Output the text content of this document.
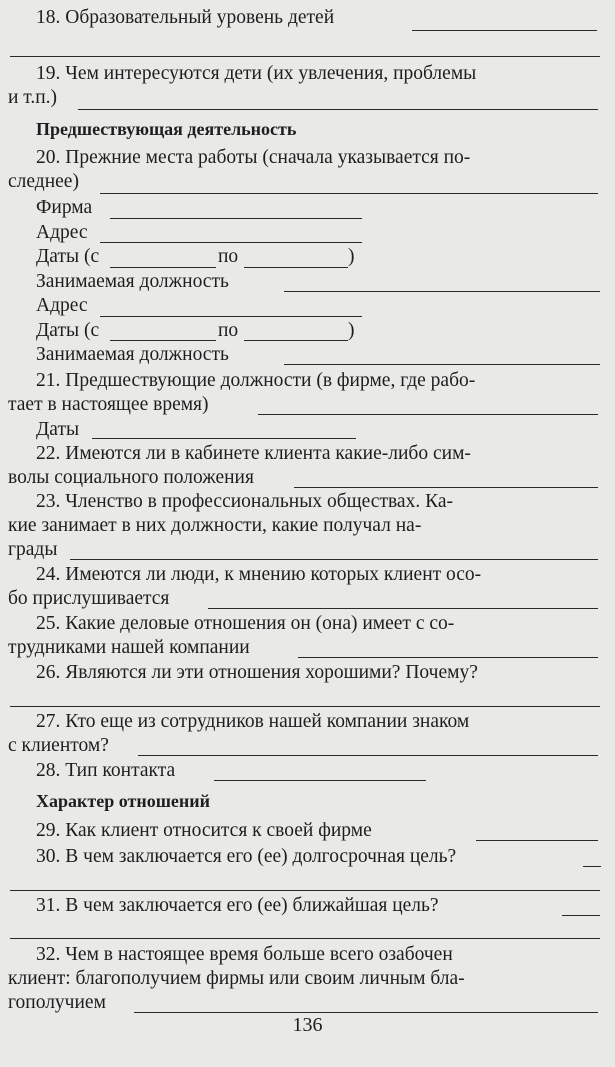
18. Образовательный уровень детей
19. Чем интересуются дети (их увлечения, проблемы
и т.п.)
Предшествующая деятельность
20. Прежние места работы (сначала указывается по-
следнее)
Фирма
Адрес
Даты (с	по	)
Занимаемая должность
Адрес
Даты (с	по	)
Занимаемая должность
21. Предшествующие должности (в фирме, где рабо-
тает в настоящее время)
Даты
22. Имеются ли в кабинете клиента какие-либо сим-
волы социального положения
23. Членство в профессиональных обществах. Ка-
кие занимает в них должности, какие получал на-
грады
24. Имеются ли люди, к мнению которых клиент осо-
бо прислушивается
25. Какие деловые отношения он (она) имеет с со-
трудниками нашей компании
26. Являются ли эти отношения хорошими? Почему?
27. Кто еще из сотрудников нашей компании знаком
с клиентом?
28. Тип контакта
Характер отношений
29. Как клиент относится к своей фирме
30. В чем заключается его (ее) долгосрочная цель?
31. В чем заключается его (ее) ближайшая цель?
32. Чем в настоящее время больше всего озабочен
клиент: благополучием фирмы или своим личным бла-
гополучием
136
